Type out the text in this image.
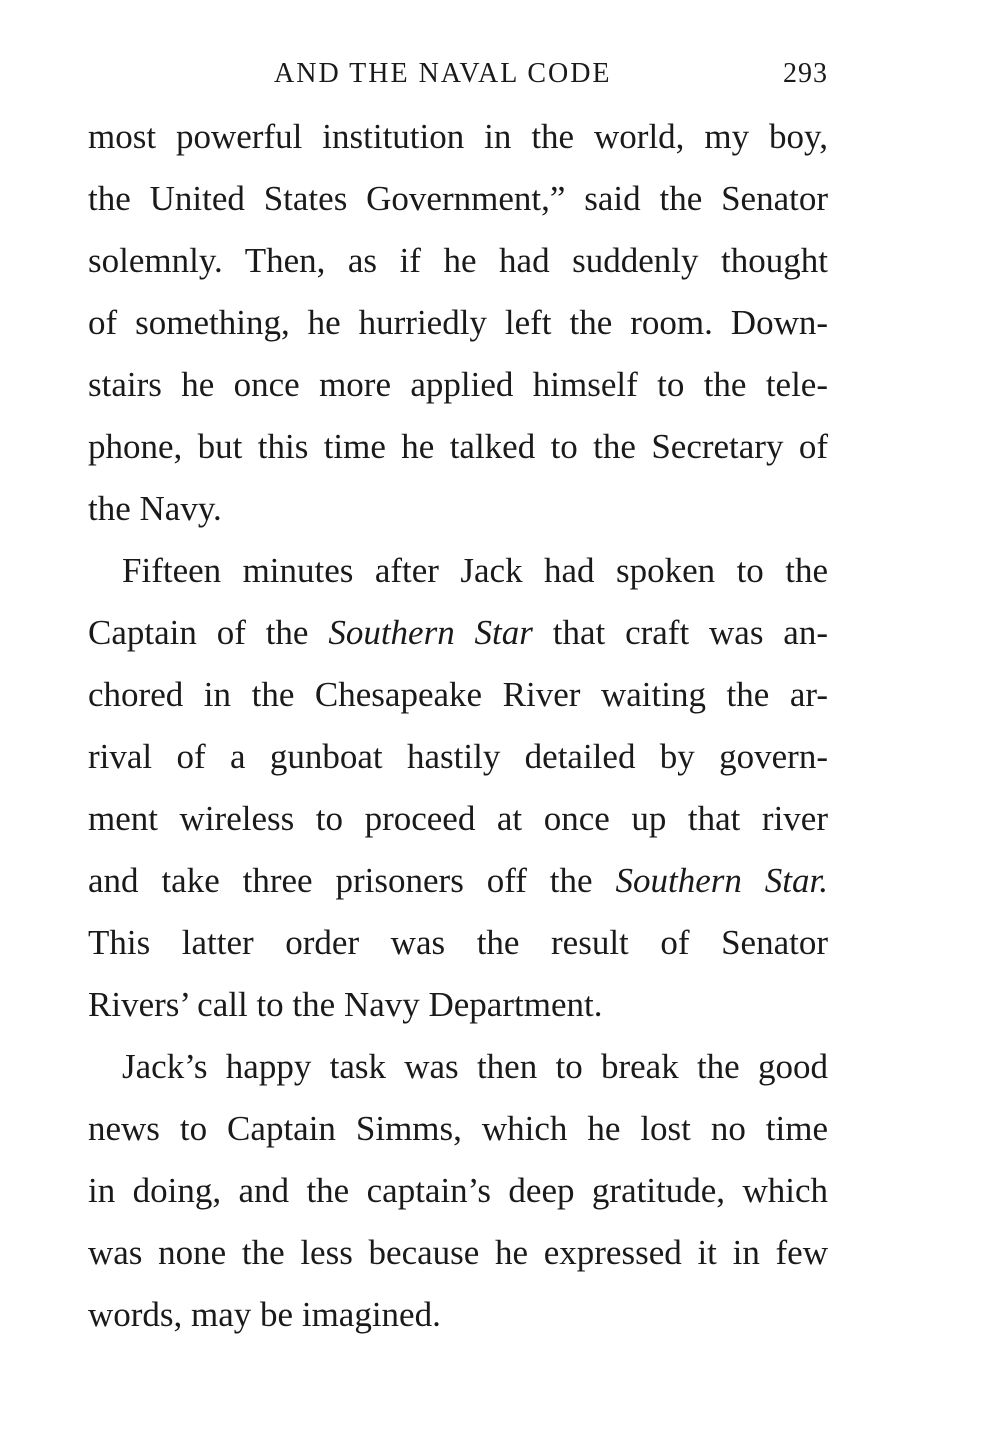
AND THE NAVAL CODE	293
most powerful institution in the world, my boy,
the United States Government,” said the Senator
solemnly. Then, as if he had suddenly thought
of something, he hurriedly left the room. Down-
stairs he once more applied himself to the tele-
phone, but this time he talked to the Secretary of
the Navy.
Fifteen minutes after Jack had spoken to the
Captain of the Southern Star that craft was an-
chored in the Chesapeake River waiting the ar-
rival of a gunboat hastily detailed by govern-
ment wireless to proceed at once up that river
and take three prisoners off the Southern Star.
This latter order was the result of Senator
Rivers’ call to the Navy Department.
Jack’s happy task was then to break the good
news to Captain Simms, which he lost no time
in doing, and the captain’s deep gratitude, which
was none the less because he expressed it in few
words, may be imagined.
